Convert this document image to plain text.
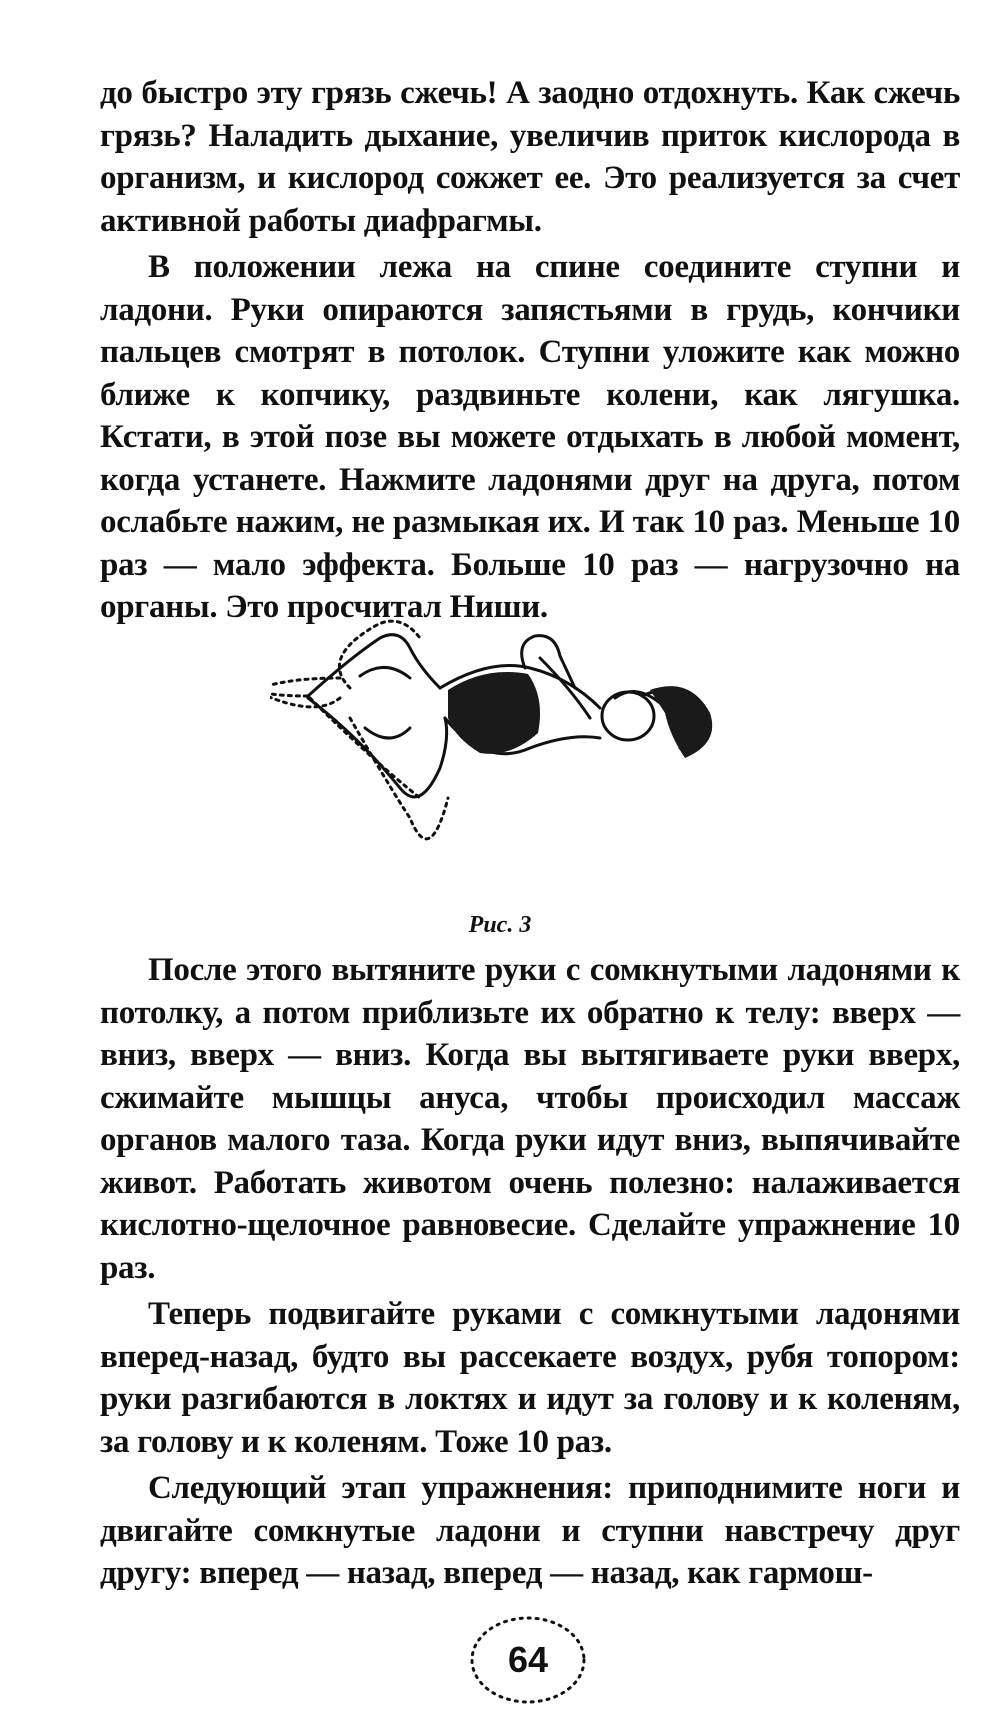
до быстро эту грязь сжечь! А заодно отдохнуть. Как сжечь грязь? Наладить дыхание, увеличив приток кислорода в организм, и кислород сожжет ее. Это реализуется за счет активной работы диафрагмы.

В положении лежа на спине соедините ступни и ладони. Руки опираются запястьями в грудь, кончики пальцев смотрят в потолок. Ступни уложите как можно ближе к копчику, раздвиньте колени, как лягушка. Кстати, в этой позе вы можете отдыхать в любой момент, когда устанете. Нажмите ладонями друг на друга, потом ослабьте нажим, не размыкая их. И так 10 раз. Меньше 10 раз — мало эффекта. Больше 10 раз — нагрузочно на органы. Это просчитал Ниши.

Рис. 3

После этого вытяните руки с сомкнутыми ладонями к потолку, а потом приблизьте их обратно к телу: вверх — вниз, вверх — вниз. Когда вы вытягиваете руки вверх, сжимайте мышцы ануса, чтобы происходил массаж органов малого таза. Когда руки идут вниз, выпячивайте живот. Работать животом очень полезно: налаживается кислотно-щелочное равновесие. Сделайте упражнение 10 раз.

Теперь подвигайте руками с сомкнутыми ладонями вперед-назад, будто вы рассекаете воздух, рубя топором: руки разгибаются в локтях и идут за голову и к коленям, за голову и к коленям. Тоже 10 раз.

Следующий этап упражнения: приподнимите ноги и двигайте сомкнутые ладони и ступни навстречу друг другу: вперед — назад, вперед — назад, как гармош-

64
